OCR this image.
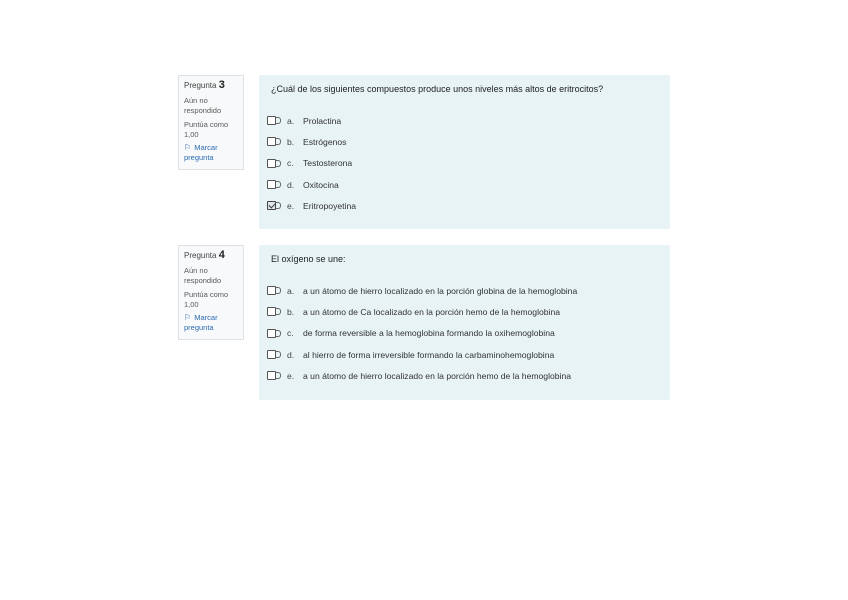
Pregunta 3
Aún no respondido
Puntúa como 1,00
⚐ Marcar pregunta
¿Cuál de los siguientes compuestos produce unos niveles más altos de eritrocitos?
a.	Prolactina
b.	Estrógenos
c.	Testosterona
d.	Oxitocina
e.	Eritropoyetina
Pregunta 4
Aún no respondido
Puntúa como 1,00
⚐ Marcar pregunta
El oxígeno se une:
a.	a un átomo de hierro localizado en la porción globina de la hemoglobina
b.	a un átomo de Ca localizado en la porción hemo de la hemoglobina
c.	de forma reversible a la hemoglobina formando la oxihemoglobina
d.	al hierro de forma irreversible formando la carbaminohemoglobina
e.	a un átomo de hierro localizado en la porción hemo de la hemoglobina
